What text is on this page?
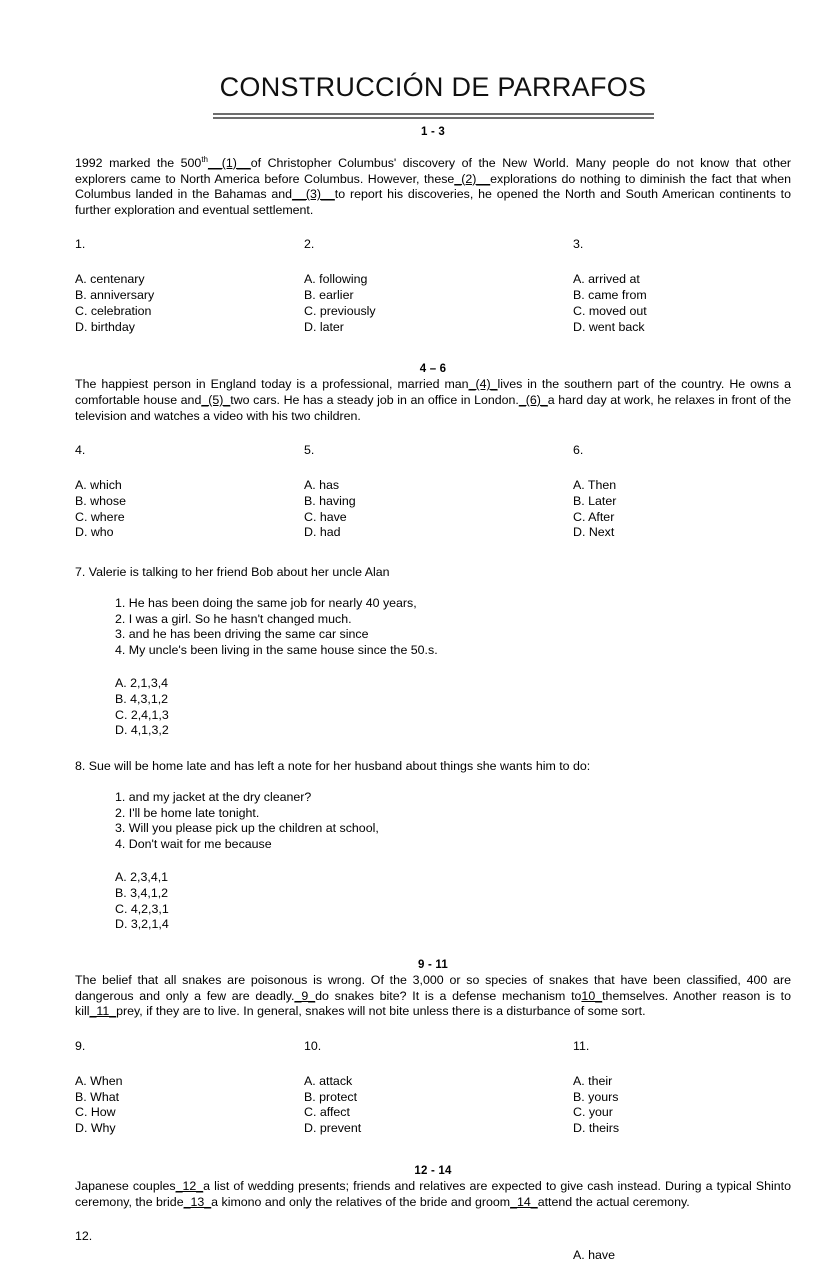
CONSTRUCCIÓN DE PARRAFOS
1 - 3

1992 marked the 500th__(1)__of Christopher Columbus' discovery of the New World. Many people do not know that other explorers came to North America before Columbus. However, these_(2)__explorations do nothing to diminish the fact that when Columbus landed in the Bahamas and__(3)__to report his discoveries, he opened the North and South American continents to further exploration and eventual settlement.

1.
A. centenary
B. anniversary
C. celebration
D. birthday
2.
A. following
B. earlier
C. previously
D. later
3.
A. arrived at
B. came from
C. moved out
D. went back
4 – 6

The happiest person in England today is a professional, married man_(4)_lives in the southern part of the country. He owns a comfortable house and_(5)_two cars. He has a steady job in an office in London._(6)_a hard day at work, he relaxes in front of the television and watches a video with his two children.

4.
A. which
B. whose
C. where
D. who
5.
A. has
B. having
C. have
D. had
6.
A. Then
B. Later
C. After
D. Next

7. Valerie is talking to her friend Bob about her uncle Alan

1. He has been doing the same job for nearly 40 years,
2. I was a girl. So he hasn't changed much.
3. and he has been driving the same car since
4. My uncle's been living in the same house since the 50.s.
A. 2,1,3,4
B. 4,3,1,2
C. 2,4,1,3
D. 4,1,3,2

8. Sue will be home late and has left a note for her husband about things she wants him to do:

1. and my jacket at the dry cleaner?
2. I'll be home late tonight.
3. Will you please pick up the children at school,
4. Don't wait for me because
A. 2,3,4,1
B. 3,4,1,2
C. 4,2,3,1
D. 3,2,1,4
9 - 11

The belief that all snakes are poisonous is wrong. Of the 3,000 or so species of snakes that have been classified, 400 are dangerous and only a few are deadly._9_do snakes bite? It is a defense mechanism to10_themselves. Another reason is to kill_11_prey, if they are to live. In general, snakes will not bite unless there is a disturbance of some sort.

9.
A. When
B. What
C. How
D. Why
10.
A. attack
B. protect
C. affect
D. prevent
11.
A. their
B. yours
C. your
D. theirs
12 - 14

Japanese couples_12_a list of wedding presents; friends and relatives are expected to give cash instead. During a typical Shinto ceremony, the bride_13_a kimono and only the relatives of the bride and groom_14_attend the actual ceremony.

12.
A. have
